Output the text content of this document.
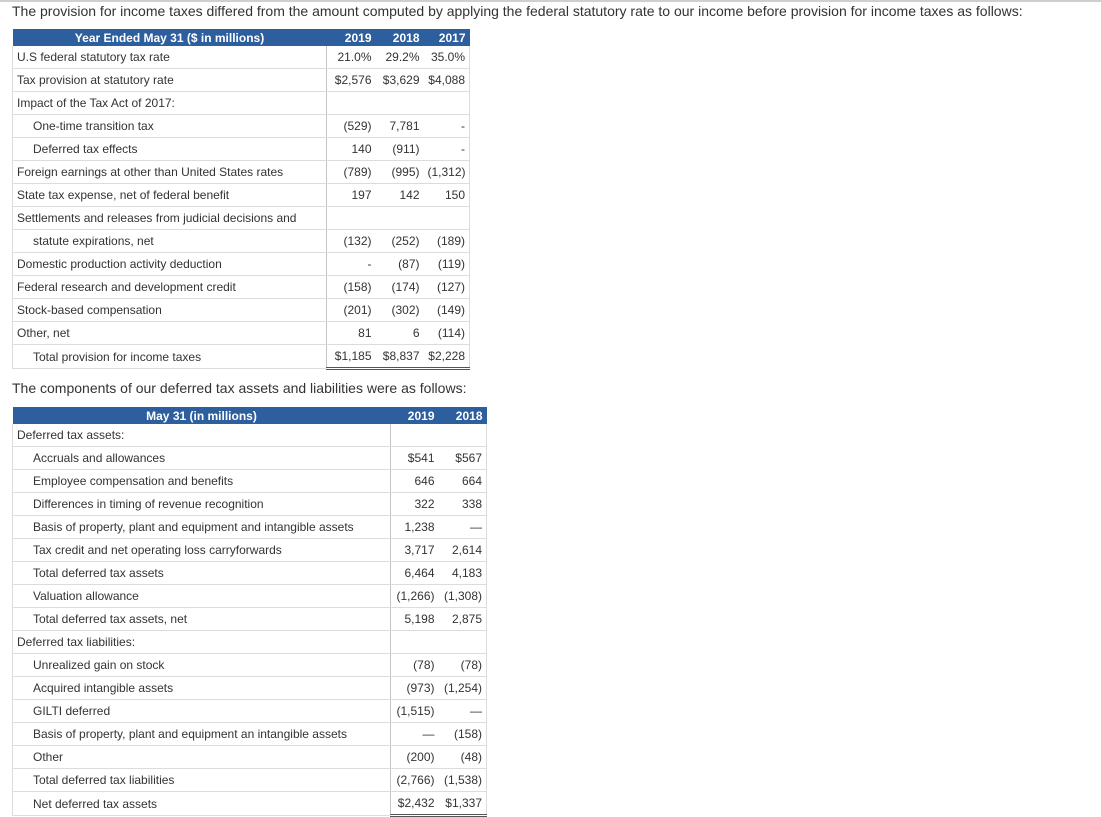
The provision for income taxes differed from the amount computed by applying the federal statutory rate to our income before provision for income taxes as follows:
Year Ended May 31 ($ in millions)	2019	2018	2017
U.S federal statutory tax rate	21.0%	29.2%	35.0%
Tax provision at statutory rate	$2,576	$3,629	$4,088
Impact of the Tax Act of 2017:			
One-time transition tax	(529)	7,781	-
Deferred tax effects	140	(911)	-
Foreign earnings at other than United States rates	(789)	(995)	(1,312)
State tax expense, net of federal benefit	197	142	150
Settlements and releases from judicial decisions and			
statute expirations, net	(132)	(252)	(189)
Domestic production activity deduction	-	(87)	(119)
Federal research and development credit	(158)	(174)	(127)
Stock-based compensation	(201)	(302)	(149)
Other, net	81	6	(114)
Total provision for income taxes	$1,185	$8,837	$2,228
The components of our deferred tax assets and liabilities were as follows:
May 31 (in millions)	2019	2018
Deferred tax assets:		
Accruals and allowances	$541	$567
Employee compensation and benefits	646	664
Differences in timing of revenue recognition	322	338
Basis of property, plant and equipment and intangible assets	1,238	—
Tax credit and net operating loss carryforwards	3,717	2,614
Total deferred tax assets	6,464	4,183
Valuation allowance	(1,266)	(1,308)
Total deferred tax assets, net	5,198	2,875
Deferred tax liabilities:		
Unrealized gain on stock	(78)	(78)
Acquired intangible assets	(973)	(1,254)
GILTI deferred	(1,515)	—
Basis of property, plant and equipment an intangible assets	—	(158)
Other	(200)	(48)
Total deferred tax liabilities	(2,766)	(1,538)
Net deferred tax assets	$2,432	$1,337
